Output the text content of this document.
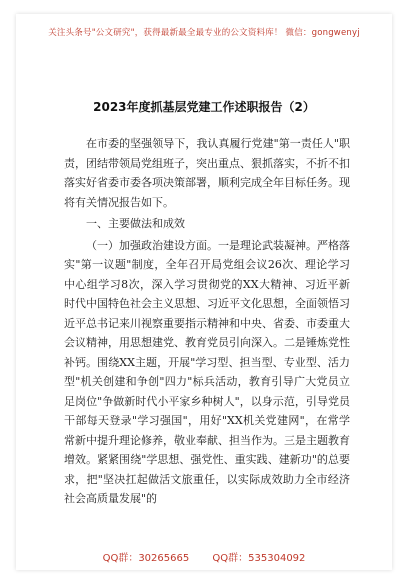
关注头条号"公文研究"，获得最新最全最专业的公文资料库！ 微信：gongwenyj
2023年度抓基层党建工作述职报告（2）

在市委的坚强领导下，我认真履行党建"第一责任人"职责，团结带领局党组班子，突出重点、狠抓落实，不折不扣落实好省委市委各项决策部署，顺利完成全年目标任务。现将有关情况报告如下。

一、主要做法和成效

（一）加强政治建设方面。一是理论武装凝神。严格落实"第一议题"制度，全年召开局党组会议26次、理论学习中心组学习8次，深入学习贯彻党的XX大精神、习近平新时代中国特色社会主义思想、习近平文化思想，全面领悟习近平总书记来川视察重要指示精神和中央、省委、市委重大会议精神，用思想建党、教育党员引向深入。二是锤炼党性补钙。围绕XX主题，开展"学习型、担当型、专业型、活力型"机关创建和争创"四力"标兵活动，教育引导广大党员立足岗位"争做新时代小平家乡种树人"，以身示范，引导党员干部每天登录"学习强国"，用好"XX机关党建网"，在常学常新中提升理论修养，敬业奉献、担当作为。三是主题教育增效。紧紧围绕"学思想、强党性、重实践、建新功"的总要求，把"坚决扛起做活文旅重任，以实际成效助力全市经济社会高质量发展"的

QQ群：30265665 QQ群：535304092
